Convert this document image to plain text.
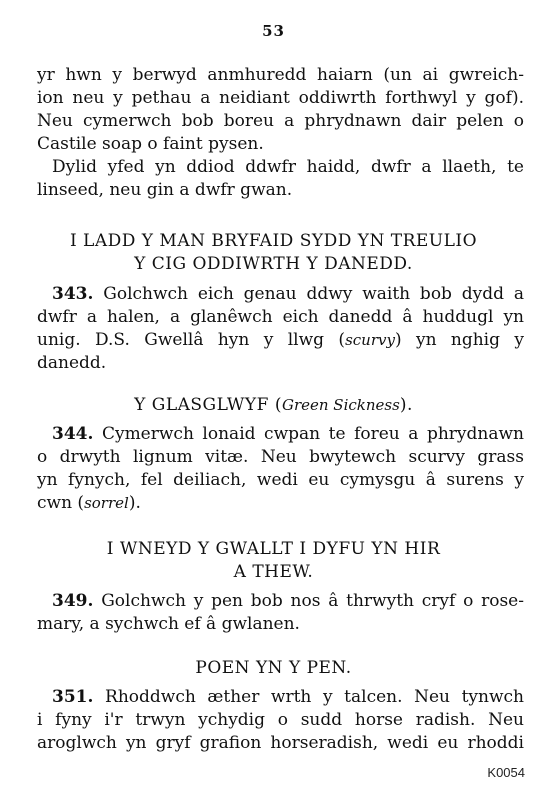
53
yr hwn y berwyd anmhuredd haiarn (un ai gwreich-
ion neu y pethau a neidiant oddiwrth forthwyl y gof).
Neu cymerwch bob boreu a phrydnawn dair pelen o
Castile soap o faint pysen.
Dylid yfed yn ddiod ddwfr haidd, dwfr a llaeth, te
linseed, neu gin a dwfr gwan.
I LADD Y MAN BRYFAID SYDD YN TREULIO
Y CIG ODDIWRTH Y DANEDD.
343. Golchwch eich genau ddwy waith bob dydd a
dwfr a halen, a glanêwch eich danedd â huddugl yn
unig. D.S. Gwellâ hyn y llwg (scurvy) yn nghig y
danedd.
Y GLASGLWYF (Green Sickness).
344. Cymerwch lonaid cwpan te foreu a phrydnawn
o drwyth lignum vitæ. Neu bwytewch scurvy grass
yn fynych, fel deiliach, wedi eu cymysgu â surens y
cwn (sorrel).
I WNEYD Y GWALLT I DYFU YN HIR
A THEW.
349. Golchwch y pen bob nos â thrwyth cryf o rose-
mary, a sychwch ef â gwlanen.
POEN YN Y PEN.
351. Rhoddwch æther wrth y talcen. Neu tynwch
i fyny i'r trwyn ychydig o sudd horse radish. Neu
aroglwch yn gryf grafion horseradish, wedi eu rhoddi
K0054
